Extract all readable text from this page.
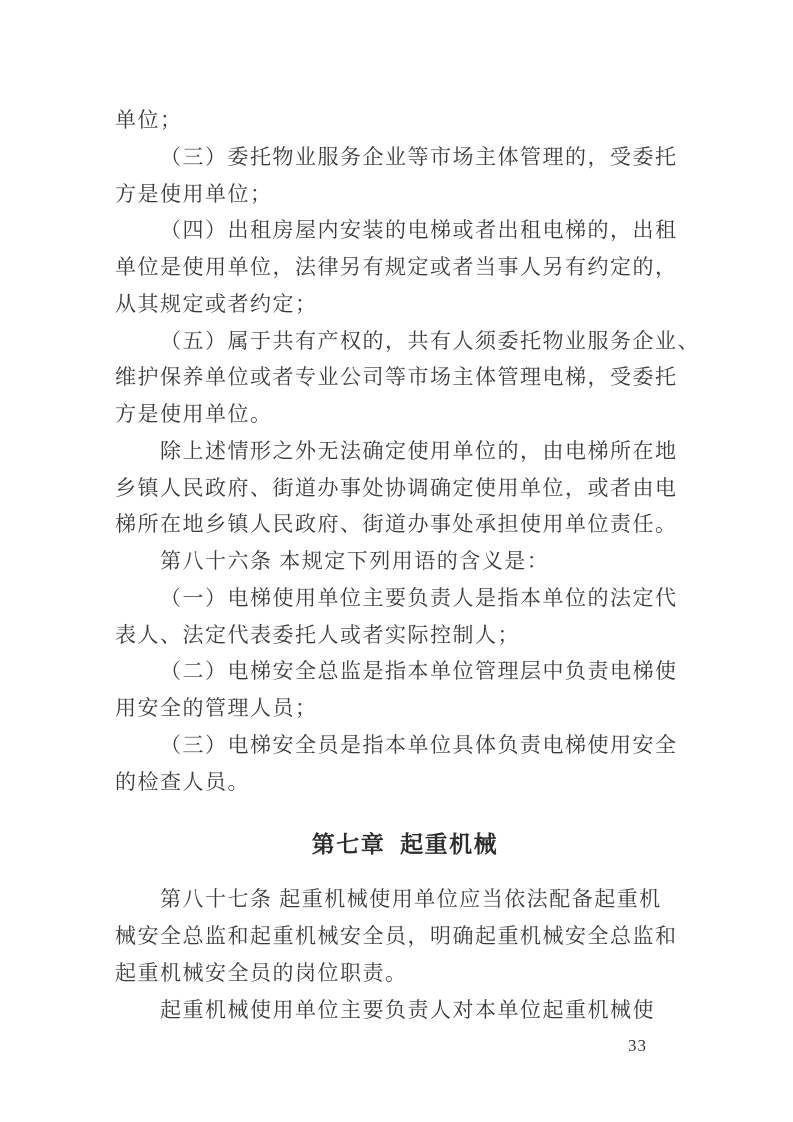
单位；
（三）委托物业服务企业等市场主体管理的，受委托
方是使用单位；
（四）出租房屋内安装的电梯或者出租电梯的，出租
单位是使用单位，法律另有规定或者当事人另有约定的，
从其规定或者约定；
（五）属于共有产权的，共有人须委托物业服务企业、
维护保养单位或者专业公司等市场主体管理电梯，受委托
方是使用单位。
除上述情形之外无法确定使用单位的，由电梯所在地
乡镇人民政府、街道办事处协调确定使用单位，或者由电
梯所在地乡镇人民政府、街道办事处承担使用单位责任。
第八十六条 本规定下列用语的含义是：
（一）电梯使用单位主要负责人是指本单位的法定代
表人、法定代表委托人或者实际控制人；
（二）电梯安全总监是指本单位管理层中负责电梯使
用安全的管理人员；
（三）电梯安全员是指本单位具体负责电梯使用安全
的检查人员。
第七章 起重机械
第八十七条 起重机械使用单位应当依法配备起重机
械安全总监和起重机械安全员，明确起重机械安全总监和
起重机械安全员的岗位职责。
起重机械使用单位主要负责人对本单位起重机械使
33
